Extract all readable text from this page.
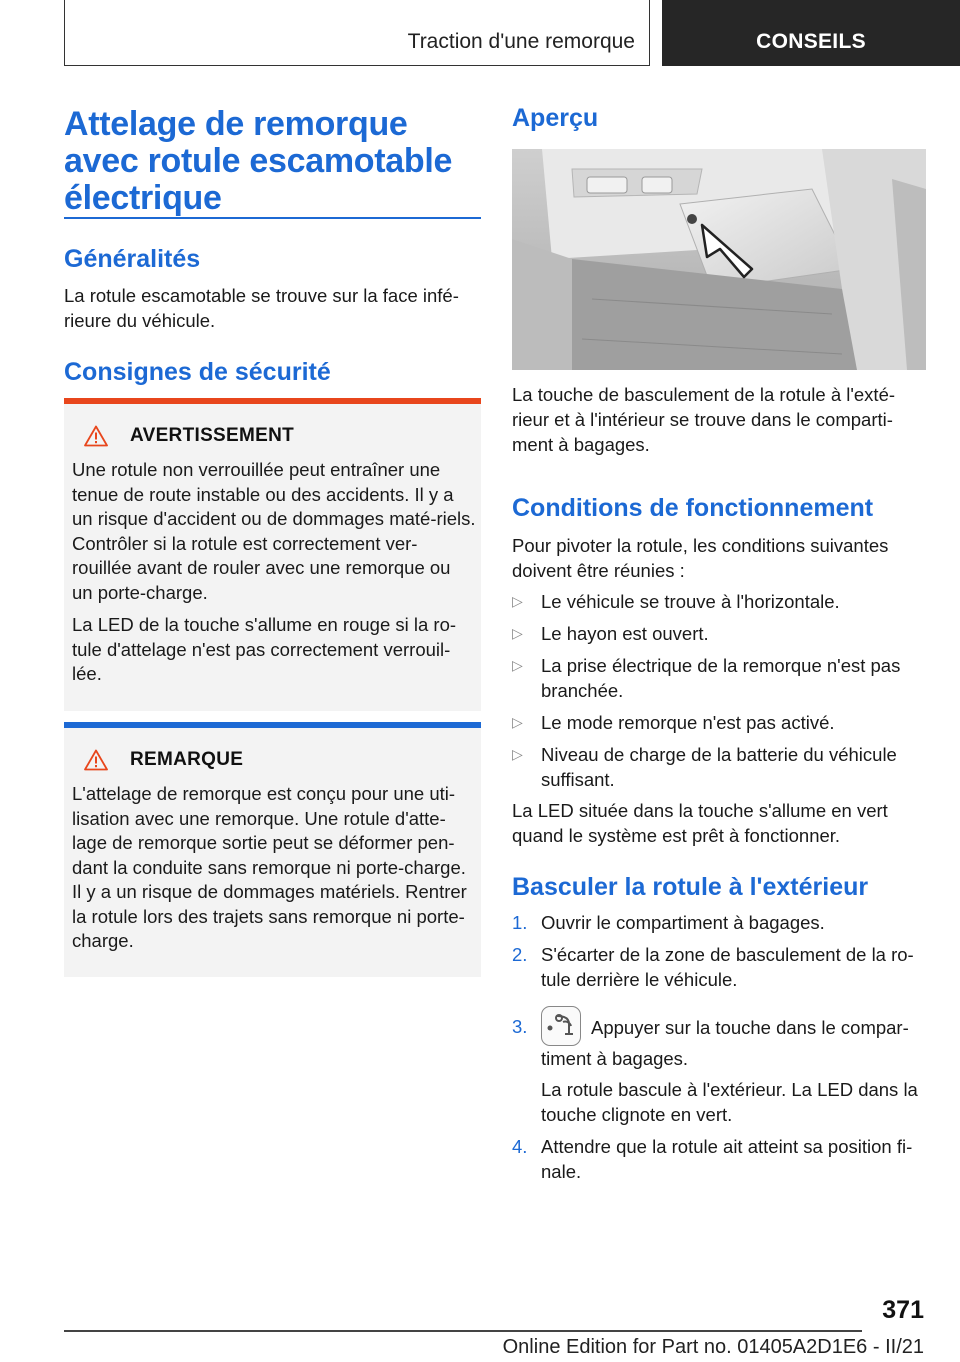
Traction d'une remorque	CONSEILS
Attelage de remorque avec rotule escamotable électrique
Généralités

La rotule escamotable se trouve sur la face infé-rieure du véhicule.

Consignes de sécurité
AVERTISSEMENT

Une rotule non verrouillée peut entraîner une tenue de route instable ou des accidents. Il y a un risque d'accident ou de dommages maté-riels. Contrôler si la rotule est correctement ver-rouillée avant de rouler avec une remorque ou un porte-charge.

La LED de la touche s'allume en rouge si la ro-tule d'attelage n'est pas correctement verrouil-lée.

REMARQUE

L'attelage de remorque est conçu pour une uti-lisation avec une remorque. Une rotule d'atte-lage de remorque sortie peut se déformer pen-dant la conduite sans remorque ni porte-charge. Il y a un risque de dommages matériels. Rentrer la rotule lors des trajets sans remorque ni porte-charge.

Aperçu

La touche de basculement de la rotule à l'exté-rieur et à l'intérieur se trouve dans le comparti-ment à bagages.

Conditions de fonctionnement

Pour pivoter la rotule, les conditions suivantes doivent être réunies :

▷ Le véhicule se trouve à l'horizontale.
▷ Le hayon est ouvert.
▷ La prise électrique de la remorque n'est pas branchée.
▷ Le mode remorque n'est pas activé.
▷ Niveau de charge de la batterie du véhicule suffisant.

La LED située dans la touche s'allume en vert quand le système est prêt à fonctionner.

Basculer la rotule à l'extérieur
1. Ouvrir le compartiment à bagages.
2. S'écarter de la zone de basculement de la ro-tule derrière le véhicule.
3.	Appuyer sur la touche dans le compar-timent à bagages.
La rotule bascule à l'extérieur. La LED dans la touche clignote en vert.
4. Attendre que la rotule ait atteint sa position fi-nale.
371
Online Edition for Part no. 01405A2D1E6 - II/21
